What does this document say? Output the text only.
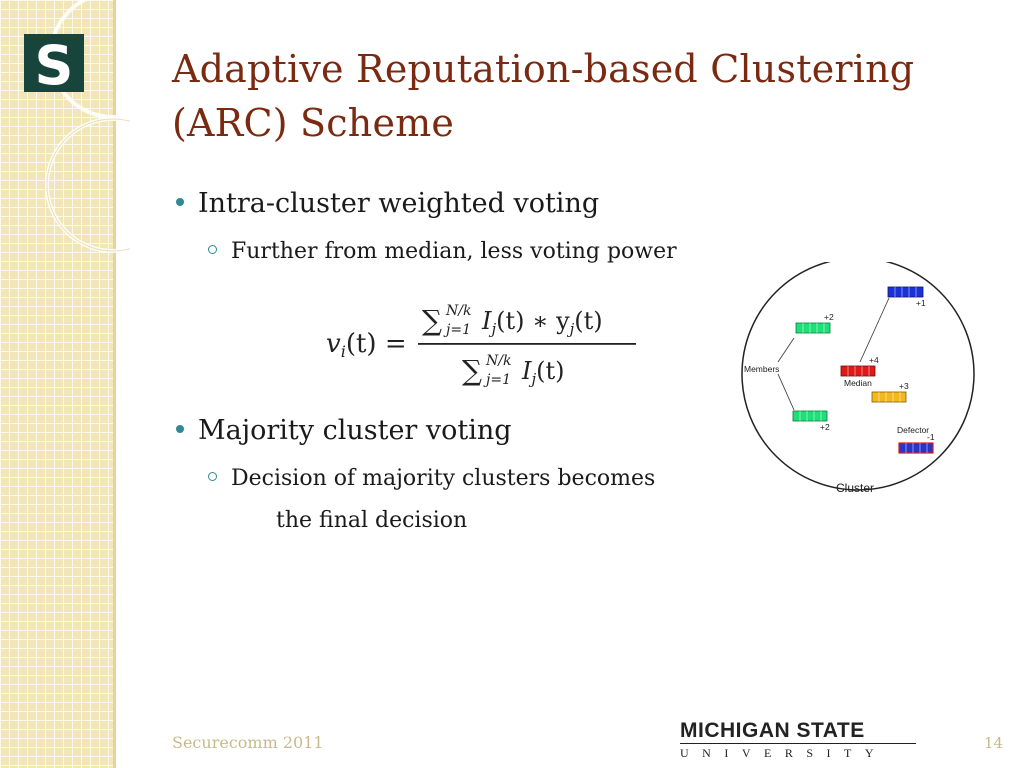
S	Adaptive Reputation-based Clustering
(ARC) Scheme
Intra-cluster weighted voting
Further from median, less voting power
vi(t) =
∑ N/k
j=1 $I_j(t)$ ∗ $y_j(t)$
∑ N/k
j=1 $I_j(t)$	Members
Median
Defector
+1
+2
+4
+3
+2
-1
Cluster
Majority cluster voting
Decision of majority clusters becomes
the final decision
Securecomm 2011
MICHIGAN STATE
UNIVERSITY
14
